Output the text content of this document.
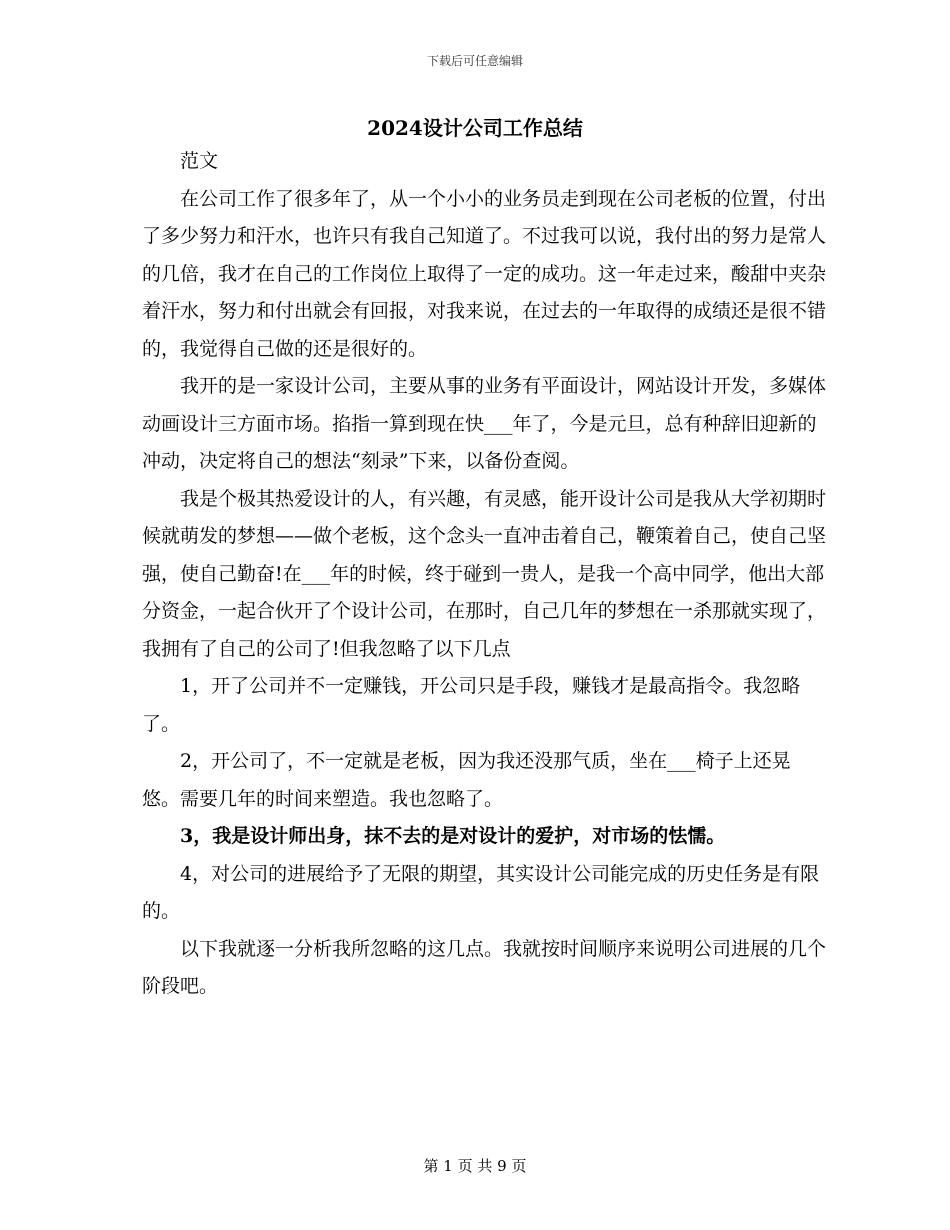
下载后可任意编辑
2024设计公司工作总结

范文

在公司工作了很多年了，从一个小小的业务员走到现在公司老板的位置，付出了多少努力和汗水，也许只有我自己知道了。不过我可以说，我付出的努力是常人的几倍，我才在自己的工作岗位上取得了一定的成功。这一年走过来，酸甜中夹杂着汗水，努力和付出就会有回报，对我来说，在过去的一年取得的成绩还是很不错的，我觉得自己做的还是很好的。

我开的是一家设计公司，主要从事的业务有平面设计，网站设计开发，多媒体动画设计三方面市场。掐指一算到现在快___年了，今是元旦，总有种辞旧迎新的冲动，决定将自己的想法“刻录”下来，以备份查阅。

我是个极其热爱设计的人，有兴趣，有灵感，能开设计公司是我从大学初期时候就萌发的梦想——做个老板，这个念头一直冲击着自己，鞭策着自己，使自己坚强，使自己勤奋!在___年的时候，终于碰到一贵人，是我一个高中同学，他出大部分资金，一起合伙开了个设计公司，在那时，自己几年的梦想在一杀那就实现了，我拥有了自己的公司了!但我忽略了以下几点

1，开了公司并不一定赚钱，开公司只是手段，赚钱才是最高指令。我忽略了。

2，开公司了，不一定就是老板，因为我还没那气质，坐在___椅子上还晃悠。需要几年的时间来塑造。我也忽略了。

3，我是设计师出身，抹不去的是对设计的爱护，对市场的怯懦。

4，对公司的进展给予了无限的期望，其实设计公司能完成的历史任务是有限的。

以下我就逐一分析我所忽略的这几点。我就按时间顺序来说明公司进展的几个阶段吧。

第 1 页 共 9 页
